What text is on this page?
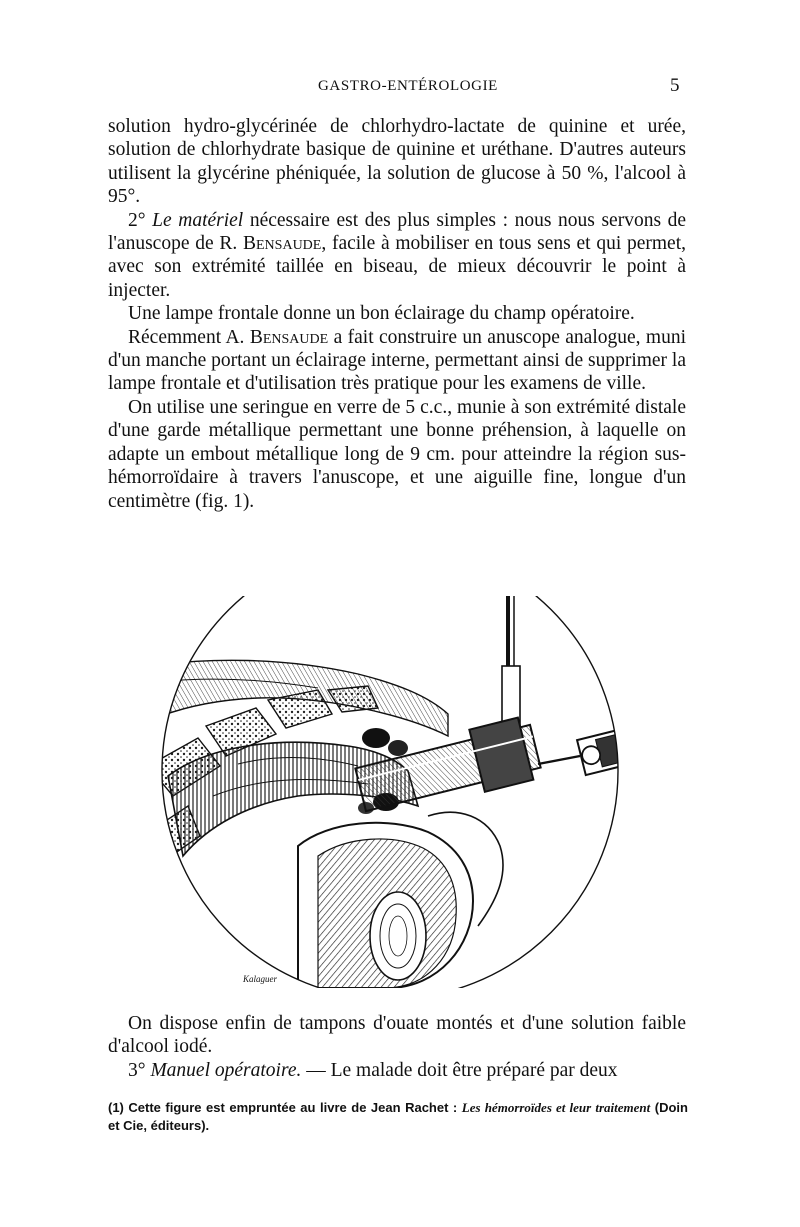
GASTRO-ENTÉROLOGIE	5

solution hydro-glycérinée de chlorhydro-lactate de quinine et urée, solution de chlorhydrate basique de quinine et uréthane. D'autres auteurs utilisent la glycérine phéniquée, la solution de glucose à 50 %, l'alcool à 95°.

2° Le matériel nécessaire est des plus simples : nous nous servons de l'anuscope de R. Bensaude, facile à mobiliser en tous sens et qui permet, avec son extrémité taillée en biseau, de mieux découvrir le point à injecter.

Une lampe frontale donne un bon éclairage du champ opératoire.

Récemment A. Bensaude a fait construire un anuscope analogue, muni d'un manche portant un éclairage interne, permettant ainsi de supprimer la lampe frontale et d'utilisation très pratique pour les examens de ville.

On utilise une seringue en verre de 5 c.c., munie à son extrémité distale d'une garde métallique permettant une bonne préhension, à laquelle on adapte un embout métallique long de 9 cm. pour atteindre la région sus-hémorroïdaire à travers l'anuscope, et une aiguille fine, longue d'un centimètre (fig. 1).

Kalaguer

On dispose enfin de tampons d'ouate montés et d'une solution faible d'alcool iodé.

3° Manuel opératoire. — Le malade doit être préparé par deux

(1) Cette figure est empruntée au livre de Jean Rachet : Les hémorroïdes et leur traitement (Doin et Cie, éditeurs).
